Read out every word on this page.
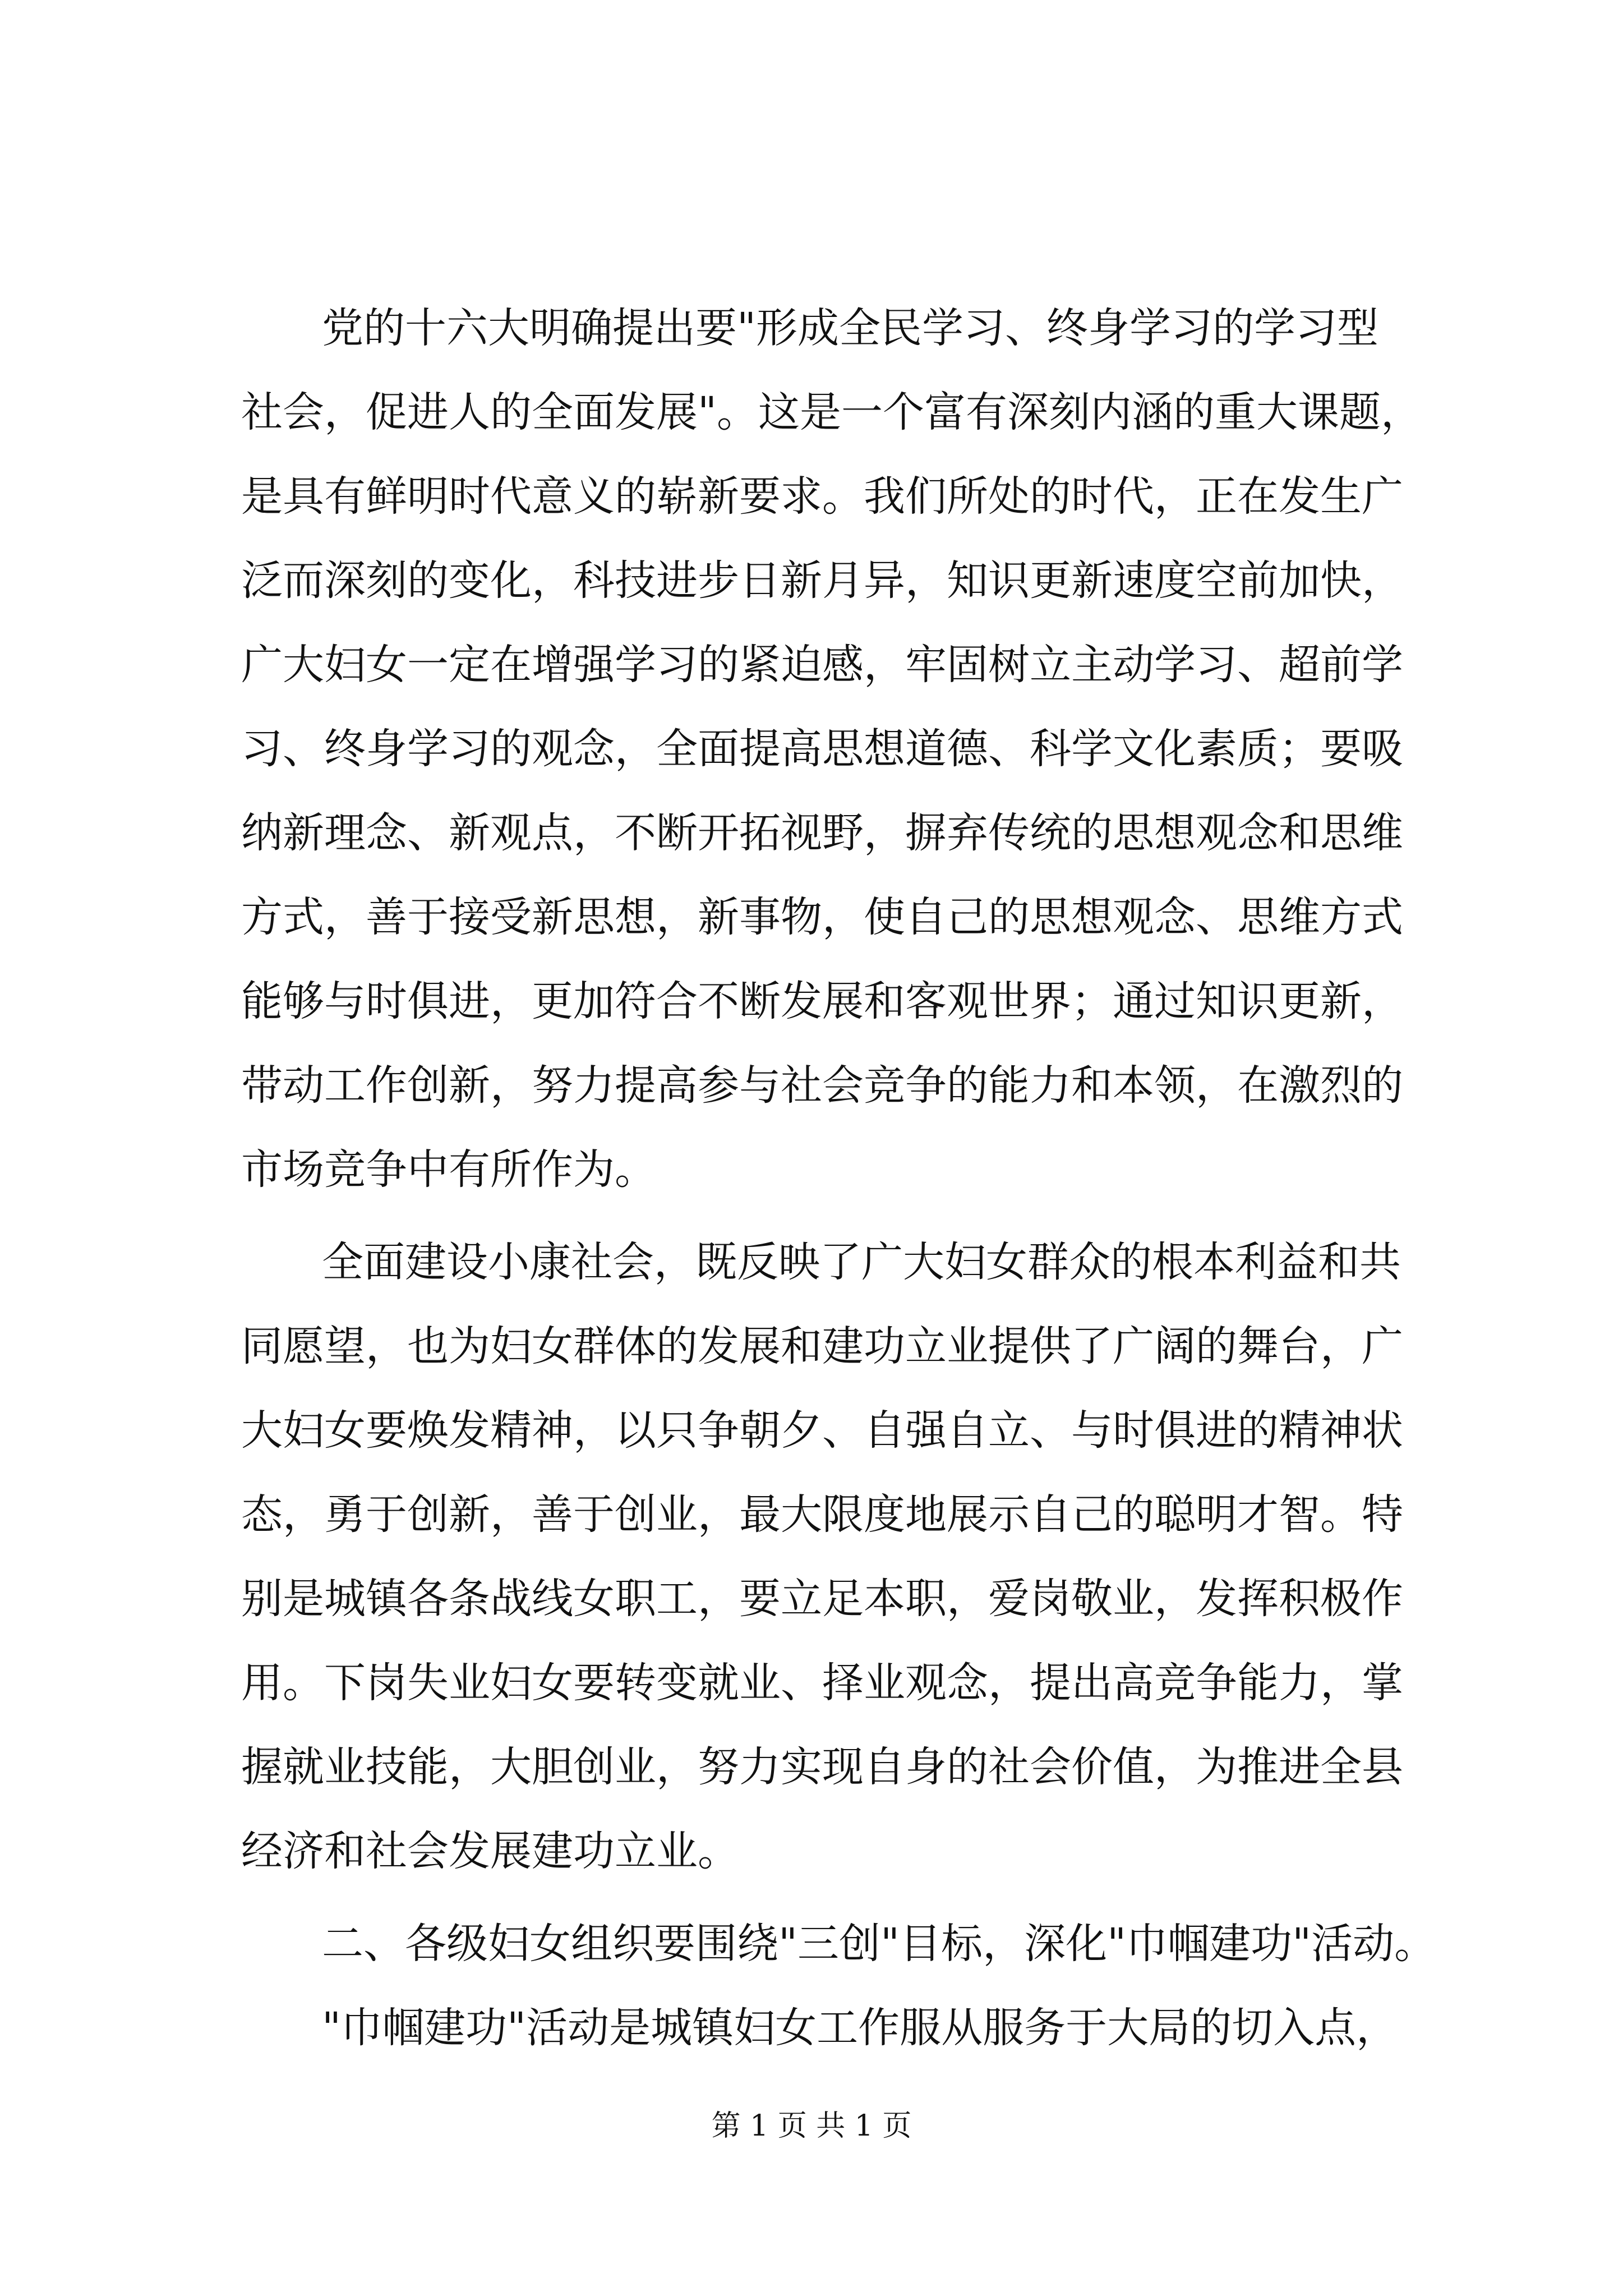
党的十六大明确提出要"形成全民学习、终身学习的学习型
社会，促进人的全面发展"。这是一个富有深刻内涵的重大课题，
是具有鲜明时代意义的崭新要求。我们所处的时代，正在发生广
泛而深刻的变化，科技进步日新月异，知识更新速度空前加快，
广大妇女一定在增强学习的紧迫感，牢固树立主动学习、超前学
习、终身学习的观念，全面提高思想道德、科学文化素质；要吸
纳新理念、新观点，不断开拓视野，摒弃传统的思想观念和思维
方式，善于接受新思想，新事物，使自己的思想观念、思维方式
能够与时俱进，更加符合不断发展和客观世界；通过知识更新，
带动工作创新，努力提高参与社会竞争的能力和本领，在激烈的
市场竞争中有所作为。
全面建设小康社会，既反映了广大妇女群众的根本利益和共
同愿望，也为妇女群体的发展和建功立业提供了广阔的舞台，广
大妇女要焕发精神，以只争朝夕、自强自立、与时俱进的精神状
态，勇于创新，善于创业，最大限度地展示自己的聪明才智。特
别是城镇各条战线女职工，要立足本职，爱岗敬业，发挥积极作
用。下岗失业妇女要转变就业、择业观念，提出高竞争能力，掌
握就业技能，大胆创业，努力实现自身的社会价值，为推进全县
经济和社会发展建功立业。
二、各级妇女组织要围绕"三创"目标，深化"巾帼建功"活动。
"巾帼建功"活动是城镇妇女工作服从服务于大局的切入点，
第 1 页 共 1 页
